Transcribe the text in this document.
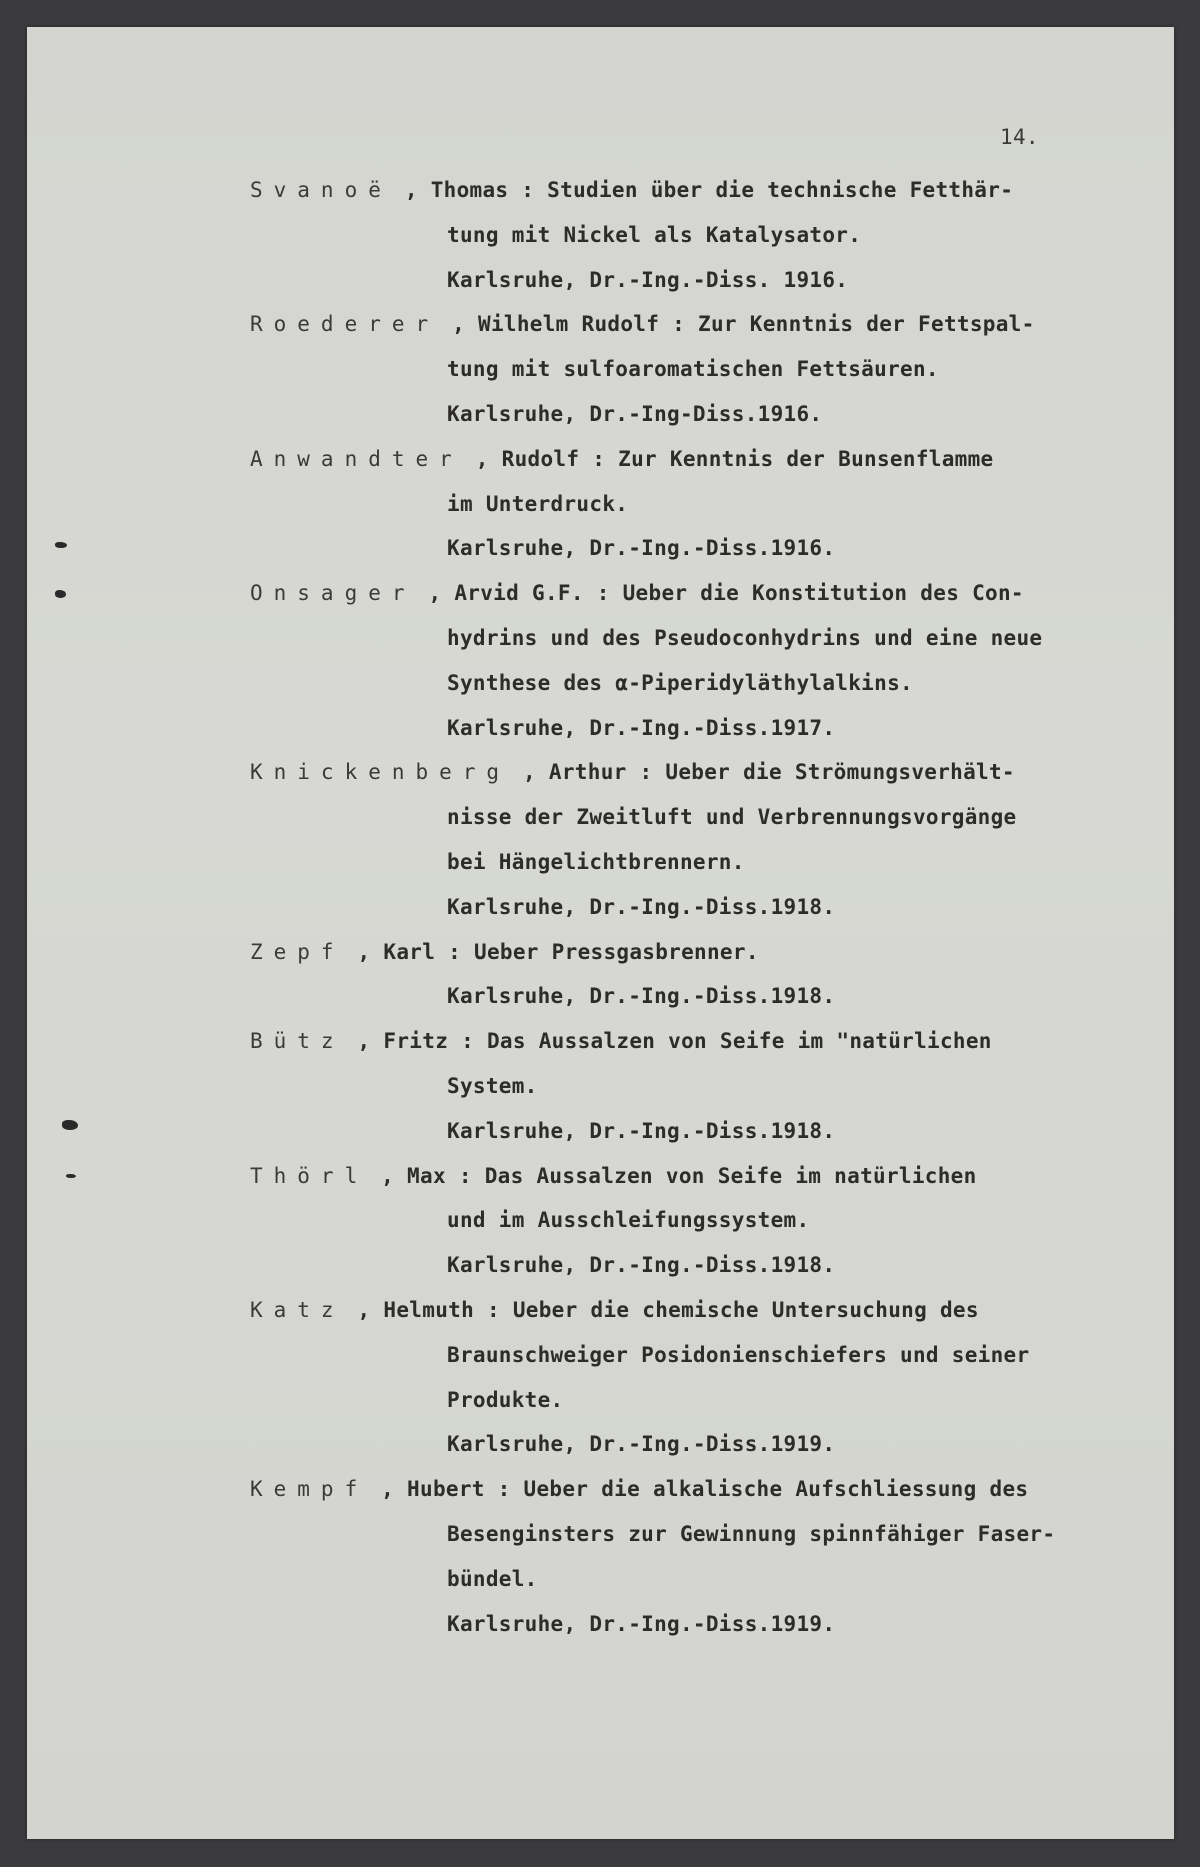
14.
Svanoë , Thomas : Studien über die technische Fetthär-
tung mit Nickel als Katalysator.
Karlsruhe, Dr.-Ing.-Diss. 1916.
Roederer , Wilhelm Rudolf : Zur Kenntnis der Fettspal-
tung mit sulfoaromatischen Fettsäuren.
Karlsruhe, Dr.-Ing-Diss.1916.
Anwandter , Rudolf : Zur Kenntnis der Bunsenflamme
im Unterdruck.
Karlsruhe, Dr.-Ing.-Diss.1916.
Onsager , Arvid G.F. : Ueber die Konstitution des Con-
hydrins und des Pseudoconhydrins und eine neue
Synthese des α-Piperidyläthylalkins.
Karlsruhe, Dr.-Ing.-Diss.1917.
Knickenberg , Arthur : Ueber die Strömungsverhält-
nisse der Zweitluft und Verbrennungsvorgänge
bei Hängelichtbrennern.
Karlsruhe, Dr.-Ing.-Diss.1918.
Zepf , Karl : Ueber Pressgasbrenner.
Karlsruhe, Dr.-Ing.-Diss.1918.
Bütz , Fritz : Das Aussalzen von Seife im "natürlichen
System.
Karlsruhe, Dr.-Ing.-Diss.1918.
Thörl , Max : Das Aussalzen von Seife im natürlichen
und im Ausschleifungssystem.
Karlsruhe, Dr.-Ing.-Diss.1918.
Katz , Helmuth : Ueber die chemische Untersuchung des
Braunschweiger Posidonienschiefers und seiner
Produkte.
Karlsruhe, Dr.-Ing.-Diss.1919.
Kempf , Hubert : Ueber die alkalische Aufschliessung des
Besenginsters zur Gewinnung spinnfähiger Faser-
bündel.
Karlsruhe, Dr.-Ing.-Diss.1919.
